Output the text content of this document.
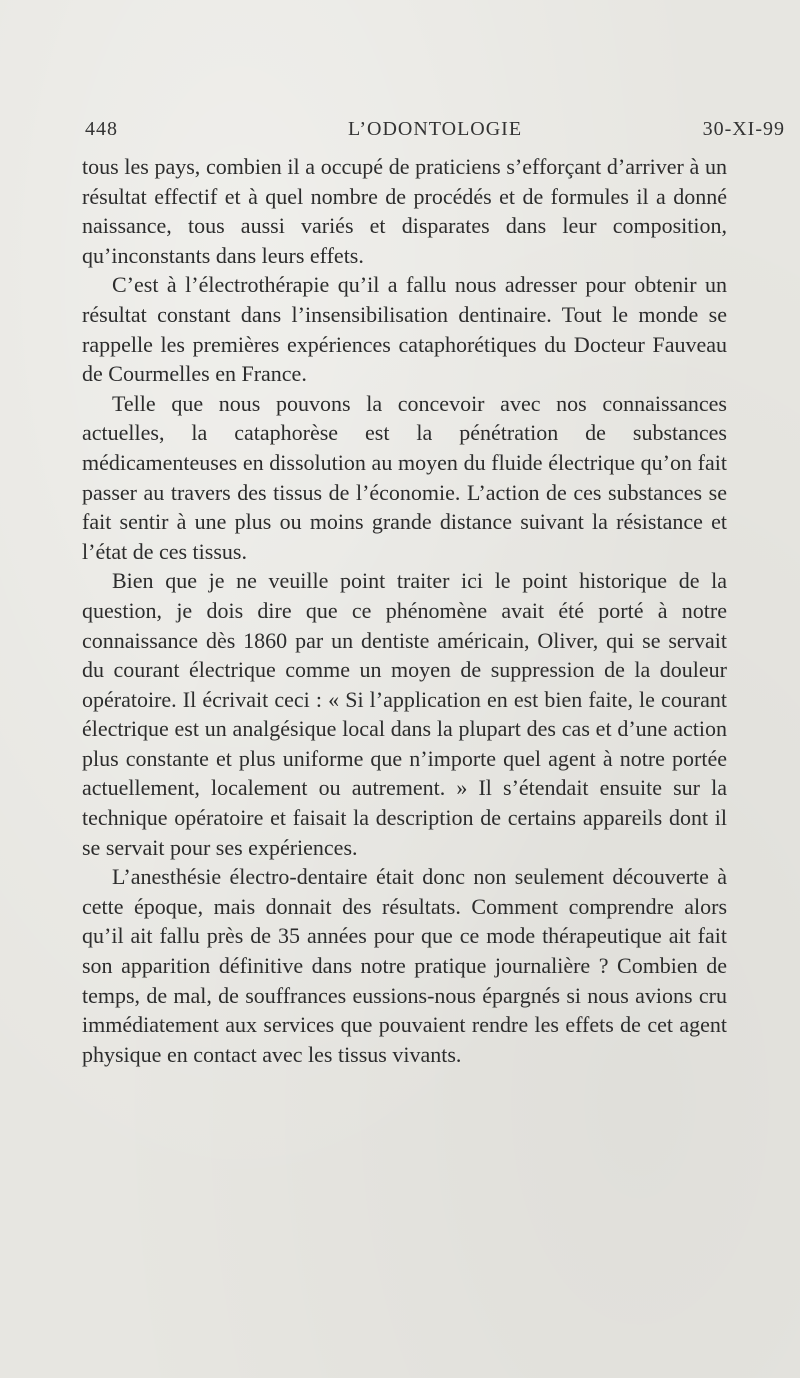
448	L’ODONTOLOGIE	30-XI-99

tous les pays, combien il a occupé de praticiens s’efforçant d’arriver à un résultat effectif et à quel nombre de procédés et de formules il a donné naissance, tous aussi variés et disparates dans leur composition, qu’inconstants dans leurs effets.

C’est à l’électrothérapie qu’il a fallu nous adresser pour obtenir un résultat constant dans l’insensibilisation dentinaire. Tout le monde se rappelle les premières expériences cataphorétiques du Docteur Fauveau de Courmelles en France.

Telle que nous pouvons la concevoir avec nos connaissances actuelles, la cataphorèse est la pénétration de substances médicamenteuses en dissolution au moyen du fluide électrique qu’on fait passer au travers des tissus de l’économie. L’action de ces substances se fait sentir à une plus ou moins grande distance suivant la résistance et l’état de ces tissus.

Bien que je ne veuille point traiter ici le point historique de la question, je dois dire que ce phénomène avait été porté à notre connaissance dès 1860 par un dentiste américain, Oliver, qui se servait du courant électrique comme un moyen de suppression de la douleur opératoire. Il écrivait ceci : « Si l’application en est bien faite, le courant électrique est un analgésique local dans la plupart des cas et d’une action plus constante et plus uniforme que n’importe quel agent à notre portée actuellement, localement ou autrement. » Il s’étendait ensuite sur la technique opératoire et faisait la description de certains appareils dont il se servait pour ses expériences.

L’anesthésie électro-dentaire était donc non seulement découverte à cette époque, mais donnait des résultats. Comment comprendre alors qu’il ait fallu près de 35 années pour que ce mode thérapeutique ait fait son apparition définitive dans notre pratique journalière ? Combien de temps, de mal, de souffrances eussions-nous épargnés si nous avions cru immédiatement aux services que pouvaient rendre les effets de cet agent physique en contact avec les tissus vivants.
